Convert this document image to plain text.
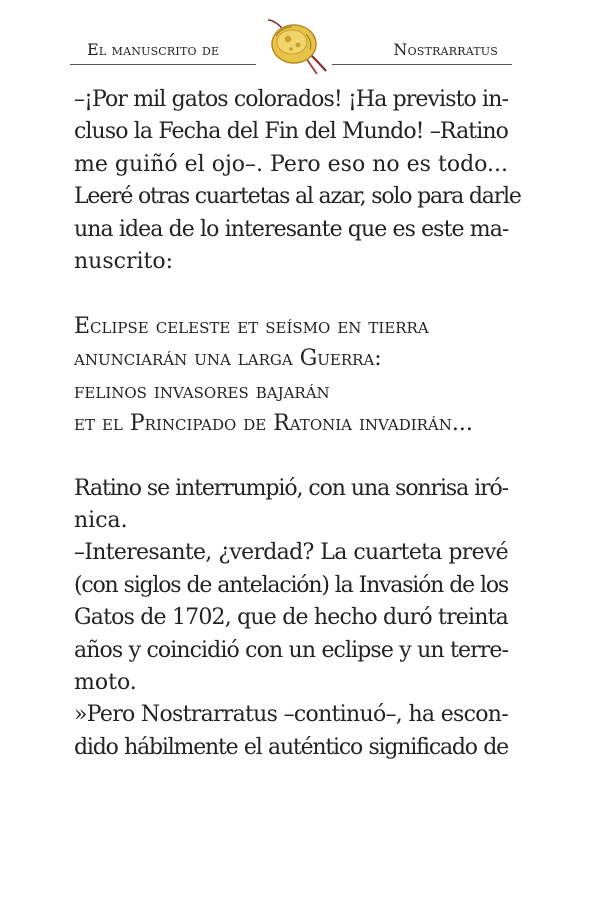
El manuscrito de	Nostrarratus
–¡Por mil gatos colorados! ¡Ha previsto in-
cluso la Fecha del Fin del Mundo! –Ratino
me guiñó el ojo–. Pero eso no es todo...
Leeré otras cuartetas al azar, solo para darle
una idea de lo interesante que es este ma-
nuscrito:
Eclipse celeste et seísmo en tierra
anunciarán una larga Guerra:
felinos invasores bajarán
et el Principado de Ratonia invadirán...
Ratino se interrumpió, con una sonrisa iró-
nica.
–Interesante, ¿verdad? La cuarteta prevé
(con siglos de antelación) la Invasión de los
Gatos de 1702, que de hecho duró treinta
años y coincidió con un eclipse y un terre-
moto.
»Pero Nostrarratus –continuó–, ha escon-
dido hábilmente el auténtico significado de
